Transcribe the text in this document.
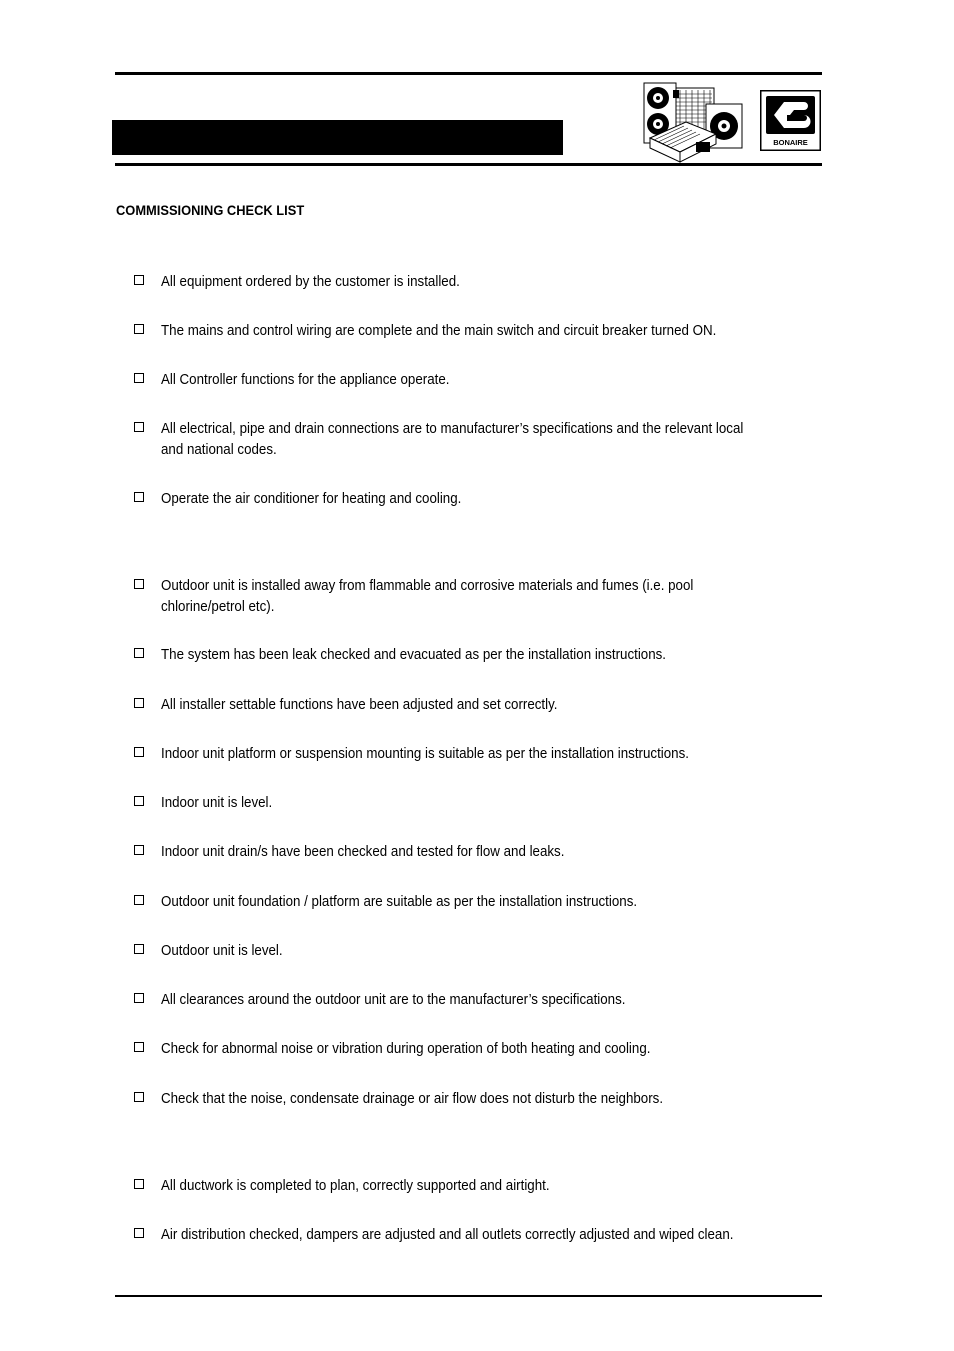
BONAIRE
COMMISSIONING CHECK LIST
All equipment ordered by the customer is installed.
The mains and control wiring are complete and the main switch and circuit breaker turned ON.
All Controller functions for the appliance operate.
All electrical, pipe and drain connections are to manufacturer’s specifications and the relevant local and national codes.
Operate the air conditioner for heating and cooling.
Outdoor unit is installed away from flammable and corrosive materials and fumes (i.e. pool chlorine/petrol etc).
The system has been leak checked and evacuated as per the installation instructions.
All installer settable functions have been adjusted and set correctly.
Indoor unit platform or suspension mounting is suitable as per the installation instructions.
Indoor unit is level.
Indoor unit drain/s have been checked and tested for flow and leaks.
Outdoor unit foundation / platform are suitable as per the installation instructions.
Outdoor unit is level.
All clearances around the outdoor unit are to the manufacturer’s specifications.
Check for abnormal noise or vibration during operation of both heating and cooling.
Check that the noise, condensate drainage or air flow does not disturb the neighbors.
All ductwork is completed to plan, correctly supported and airtight.
Air distribution checked, dampers are adjusted and all outlets correctly adjusted and wiped clean.
